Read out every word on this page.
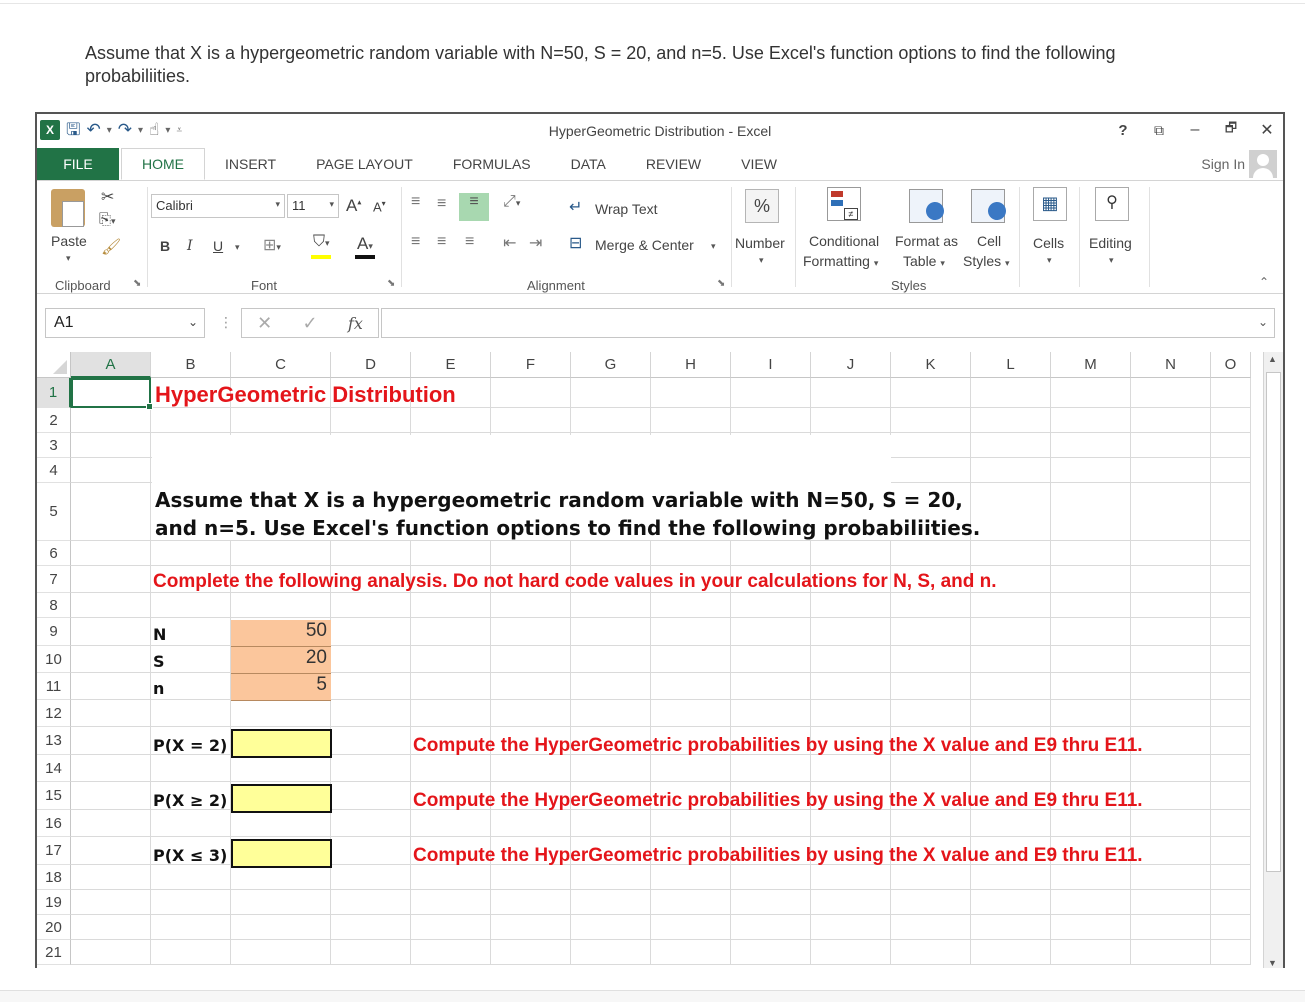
Assume that X is a hypergeometric random variable with N=50, S = 20, and n=5. Use Excel's function options to find the following probabiliities.
X 🖫 ↶ ▾ ↷ ▾ ☝ ▾ ⩡	HyperGeometric Distribution - Excel	? ⧉ – 🗗 ✕
FILE	HOME	INSERT	PAGE LAYOUT	FORMULAS	DATA	REVIEW	VIEW	Sign In
Paste
▾
✂
⎘▾
🖌
Clipboard ⬊
Calibri	▾ 11	▾ A▴ A▾
B I U ▾ ⊞▾ ⛉▾ A▾
Font	⬊
≡ ≡	≡	⤢▾
≡ ≡ ≡ ⇤ ⇥
↵ Wrap Text
⊟ Merge & Center ▾
Alignment	⬊
%
Number
▾
≠
Conditional
Formatting ▾
Format as
Table ▾
Cell
Styles ▾
Styles
▦
Cells
▾
⚲
Editing
▾
⌃
A1	⌄ ⋮ ✕ ✓ fx	⌄
A	B	C	D	E	F	G	H	I	J	K	L	M	N	O
1
2
3
4
5
6
7
8
9
10
11
12
13
14
15
16
17
18
19
20
21
HyperGeometric Distribution
Assume that X is a hypergeometric random variable with N=50, S = 20,
and n=5. Use Excel's function options to find the following probabiliities.
Complete the following analysis. Do not hard code values in your calculations for N, S, and n.
N
S
n
50
20
5
P(X = 2)	Compute the HyperGeometric probabilities by using the X value and E9 thru E11.
P(X ≥ 2)	Compute the HyperGeometric probabilities by using the X value and E9 thru E11.
P(X ≤ 3)	Compute the HyperGeometric probabilities by using the X value and E9 thru E11.
▲
▼
